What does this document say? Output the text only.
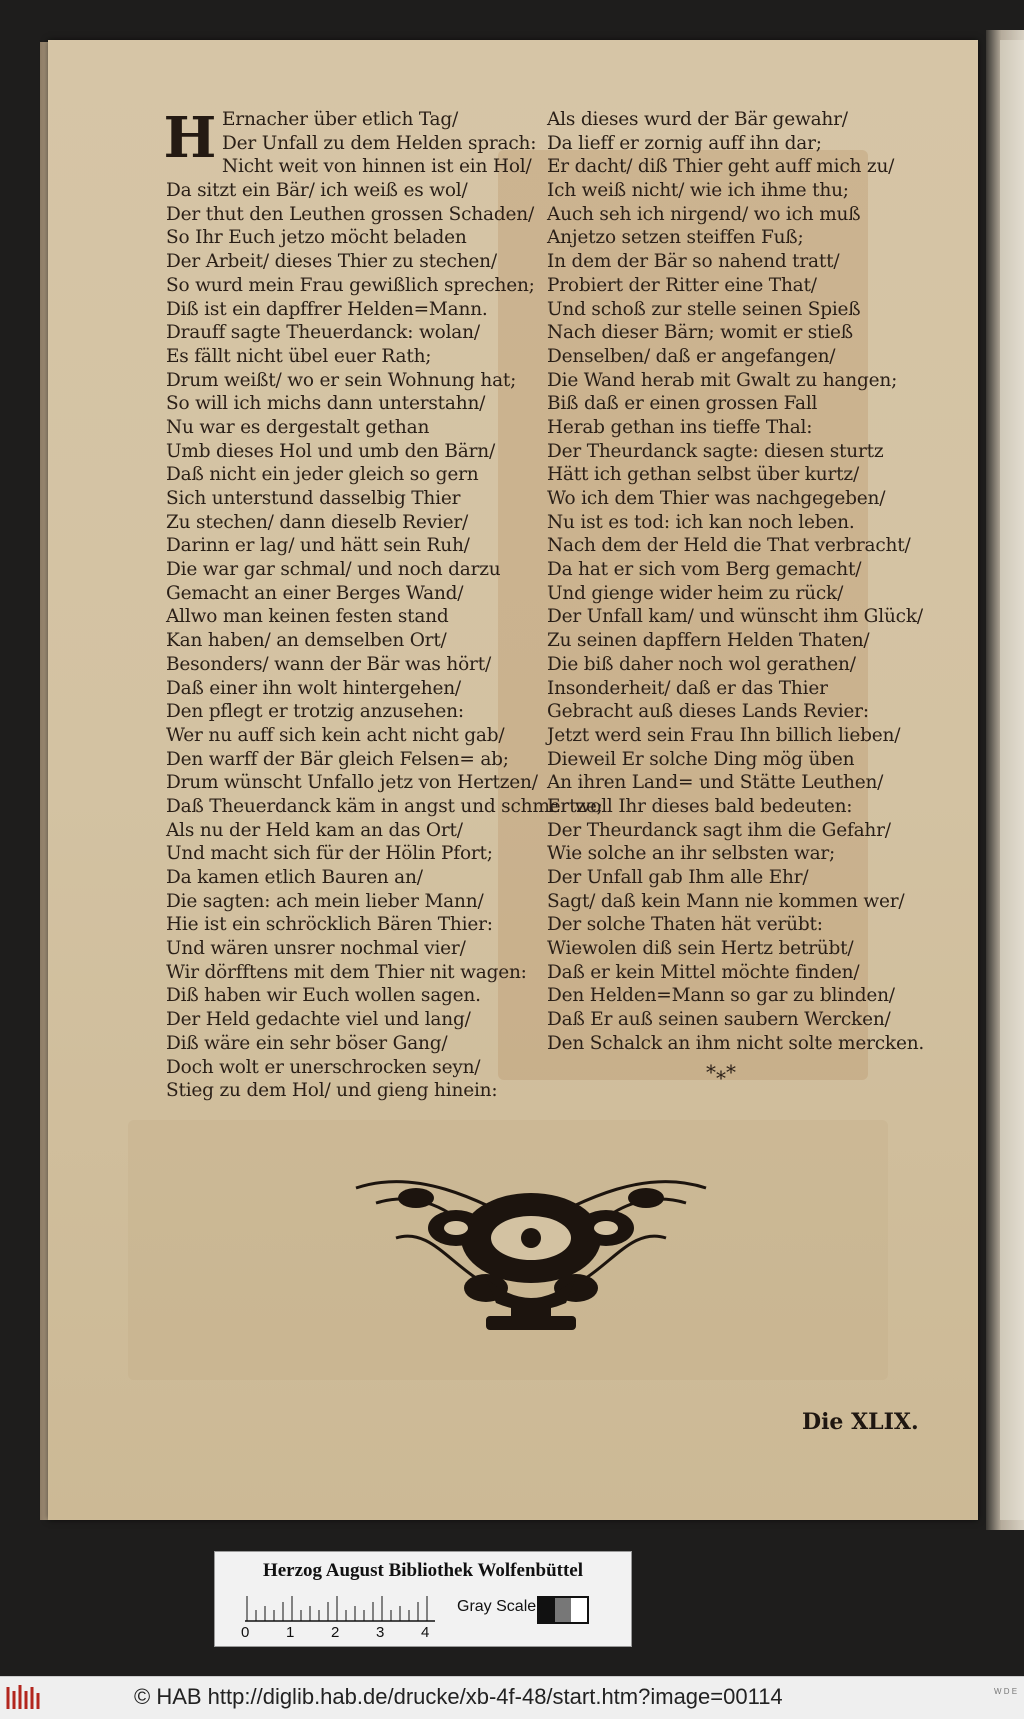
H Ernacher über etlich Tag/
Der Unfall zu dem Helden sprach:
Nicht weit von hinnen ist ein Hol/
Da sitzt ein Bär/ ich weiß es wol/
Der thut den Leuthen grossen Schaden/
So Ihr Euch jetzo möcht beladen
Der Arbeit/ dieses Thier zu stechen/
So wurd mein Frau gewißlich sprechen;
Diß ist ein dapffrer Helden=Mann.
Drauff sagte Theuerdanck: wolan/
Es fällt nicht übel euer Rath;
Drum weißt/ wo er sein Wohnung hat;
So will ich michs dann unterstahn/
Nu war es dergestalt gethan
Umb dieses Hol und umb den Bärn/
Daß nicht ein jeder gleich so gern
Sich unterstund dasselbig Thier
Zu stechen/ dann dieselb Revier/
Darinn er lag/ und hätt sein Ruh/
Die war gar schmal/ und noch darzu
Gemacht an einer Berges Wand/
Allwo man keinen festen stand
Kan haben/ an demselben Ort/
Besonders/ wann der Bär was hört/
Daß einer ihn wolt hintergehen/
Den pflegt er trotzig anzusehen:
Wer nu auff sich kein acht nicht gab/
Den warff der Bär gleich Felsen= ab;
Drum wünscht Unfallo jetz von Hertzen/
Daß Theuerdanck käm in angst und schmertze;
Als nu der Held kam an das Ort/
Und macht sich für der Hölin Pfort;
Da kamen etlich Bauren an/
Die sagten: ach mein lieber Mann/
Hie ist ein schröcklich Bären Thier:
Und wären unsrer nochmal vier/
Wir dörfftens mit dem Thier nit wagen:
Diß haben wir Euch wollen sagen.
Der Held gedachte viel und lang/
Diß wäre ein sehr böser Gang/
Doch wolt er unerschrocken seyn/
Stieg zu dem Hol/ und gieng hinein:
Als dieses wurd der Bär gewahr/
Da lieff er zornig auff ihn dar;
Er dacht/ diß Thier geht auff mich zu/
Ich weiß nicht/ wie ich ihme thu;
Auch seh ich nirgend/ wo ich muß
Anjetzo setzen steiffen Fuß;
In dem der Bär so nahend tratt/
Probiert der Ritter eine That/
Und schoß zur stelle seinen Spieß
Nach dieser Bärn; womit er stieß
Denselben/ daß er angefangen/
Die Wand herab mit Gwalt zu hangen;
Biß daß er einen grossen Fall
Herab gethan ins tieffe Thal:
Der Theurdanck sagte: diesen sturtz
Hätt ich gethan selbst über kurtz/
Wo ich dem Thier was nachgegeben/
Nu ist es tod: ich kan noch leben.
Nach dem der Held die That verbracht/
Da hat er sich vom Berg gemacht/
Und gienge wider heim zu rück/
Der Unfall kam/ und wünscht ihm Glück/
Zu seinen dapffern Helden Thaten/
Die biß daher noch wol gerathen/
Insonderheit/ daß er das Thier
Gebracht auß dieses Lands Revier:
Jetzt werd sein Frau Ihn billich lieben/
Dieweil Er solche Ding mög üben
An ihren Land= und Stätte Leuthen/
Er woll Ihr dieses bald bedeuten:
Der Theurdanck sagt ihm die Gefahr/
Wie solche an ihr selbsten war;
Der Unfall gab Ihm alle Ehr/
Sagt/ daß kein Mann nie kommen wer/
Der solche Thaten hät verübt:
Wiewolen diß sein Hertz betrübt/
Daß er kein Mittel möchte finden/
Den Helden=Mann so gar zu blinden/
Daß Er auß seinen saubern Wercken/
Den Schalck an ihm nicht solte mercken.
*⁎*
Die XLIX.
Herzog August Bibliothek Wolfenbüttel
0 1 2 3 4
Gray Scale
© HAB http://diglib.hab.de/drucke/xb-4f-48/start.htm?image=00114	W D E
